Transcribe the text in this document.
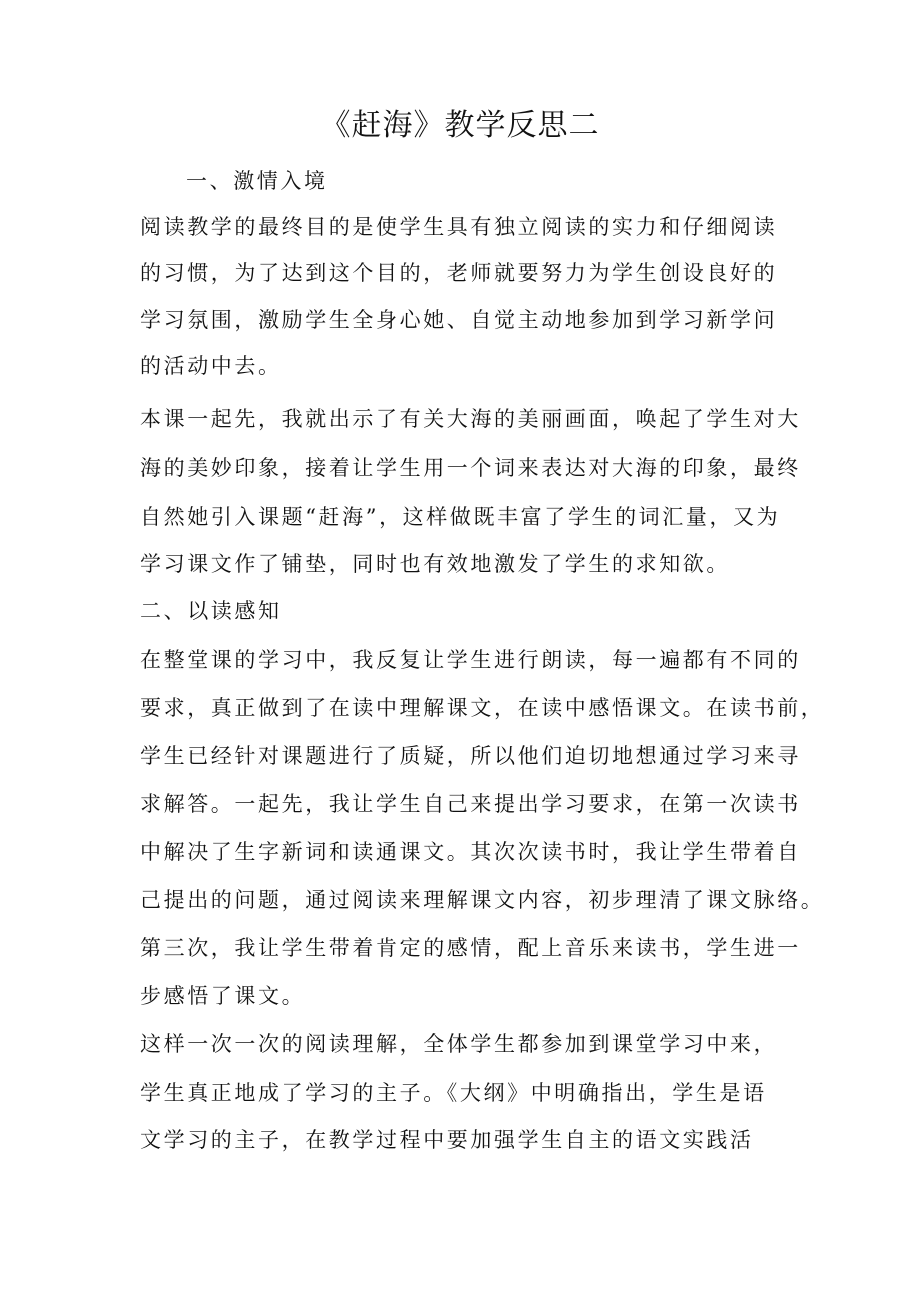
《赶海》教学反思二

一、激情入境

阅读教学的最终目的是使学生具有独立阅读的实力和仔细阅读

的习惯，为了达到这个目的，老师就要努力为学生创设良好的

学习氛围，激励学生全身心她、自觉主动地参加到学习新学问

的活动中去。

本课一起先，我就出示了有关大海的美丽画面，唤起了学生对大

海的美妙印象，接着让学生用一个词来表达对大海的印象，最终

自然她引入课题“赶海”，这样做既丰富了学生的词汇量，又为

学习课文作了铺垫，同时也有效地激发了学生的求知欲。

二、以读感知

在整堂课的学习中，我反复让学生进行朗读，每一遍都有不同的

要求，真正做到了在读中理解课文，在读中感悟课文。在读书前，

学生已经针对课题进行了质疑，所以他们迫切地想通过学习来寻

求解答。一起先，我让学生自己来提出学习要求，在第一次读书

中解决了生字新词和读通课文。其次次读书时，我让学生带着自

己提出的问题，通过阅读来理解课文内容，初步理清了课文脉络。

第三次，我让学生带着肯定的感情，配上音乐来读书，学生进一

步感悟了课文。

这样一次一次的阅读理解，全体学生都参加到课堂学习中来，

学生真正地成了学习的主子。《大纲》中明确指出，学生是语

文学习的主子，在教学过程中要加强学生自主的语文实践活
